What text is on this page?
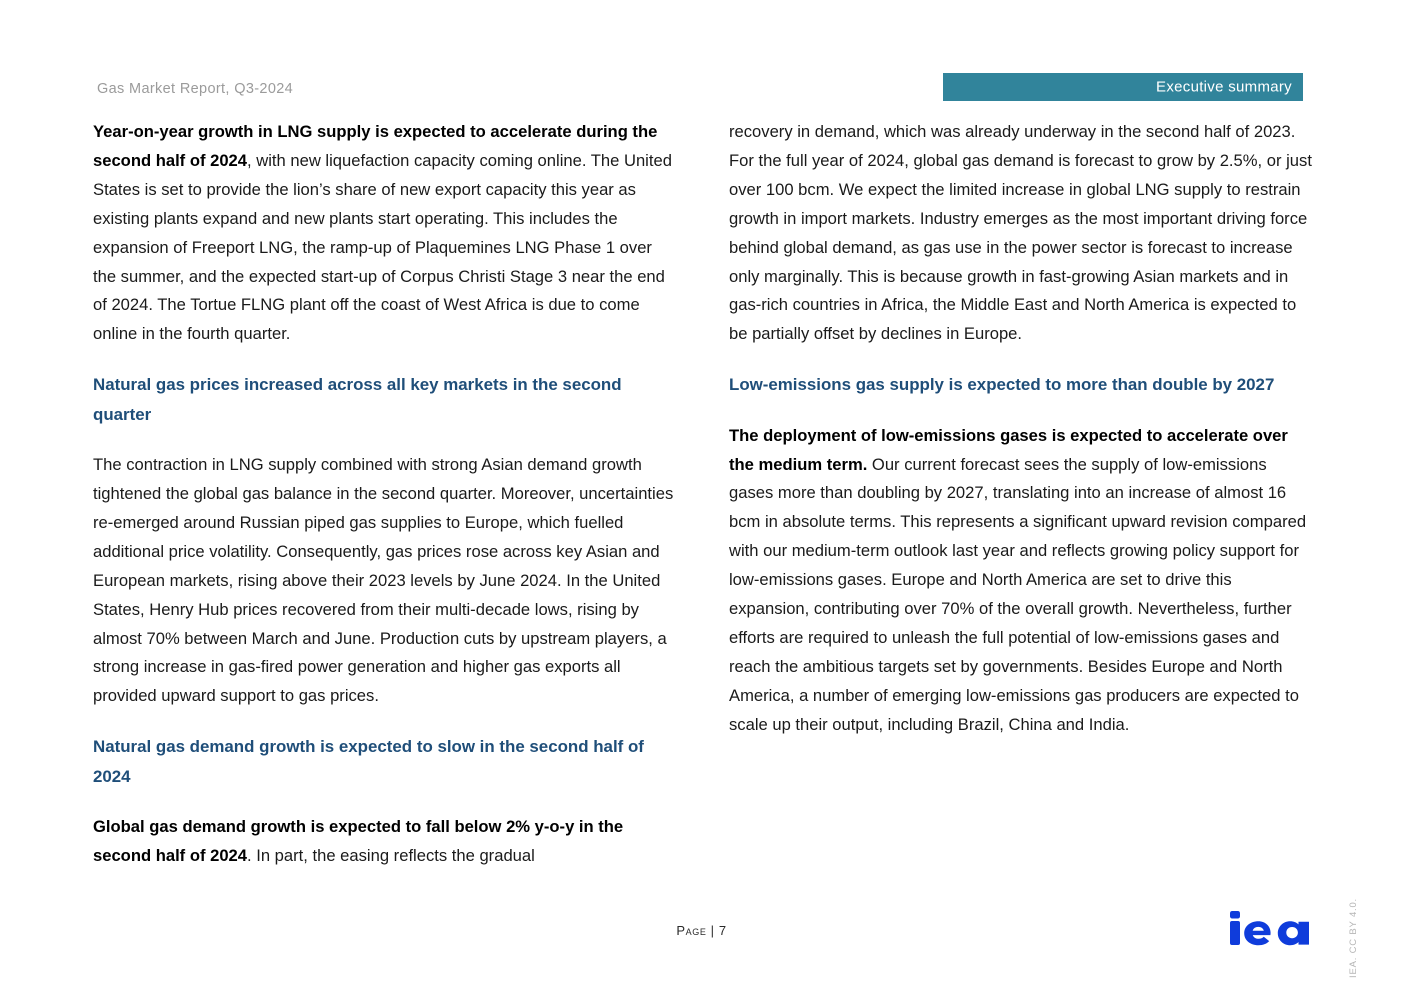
Gas Market Report, Q3-2024	Executive summary

Year-on-year growth in LNG supply is expected to accelerate during the second half of 2024, with new liquefaction capacity coming online. The United States is set to provide the lion’s share of new export capacity this year as existing plants expand and new plants start operating. This includes the expansion of Freeport LNG, the ramp-up of Plaquemines LNG Phase 1 over the summer, and the expected start-up of Corpus Christi Stage 3 near the end of 2024. The Tortue FLNG plant off the coast of West Africa is due to come online in the fourth quarter.

Natural gas prices increased across all key markets in the second quarter

The contraction in LNG supply combined with strong Asian demand growth tightened the global gas balance in the second quarter. Moreover, uncertainties re-emerged around Russian piped gas supplies to Europe, which fuelled additional price volatility. Consequently, gas prices rose across key Asian and European markets, rising above their 2023 levels by June 2024. In the United States, Henry Hub prices recovered from their multi-decade lows, rising by almost 70% between March and June. Production cuts by upstream players, a strong increase in gas-fired power generation and higher gas exports all provided upward support to gas prices.

Natural gas demand growth is expected to slow in the second half of 2024

Global gas demand growth is expected to fall below 2% y-o-y in the second half of 2024. In part, the easing reflects the gradual

recovery in demand, which was already underway in the second half of 2023. For the full year of 2024, global gas demand is forecast to grow by 2.5%, or just over 100 bcm. We expect the limited increase in global LNG supply to restrain growth in import markets. Industry emerges as the most important driving force behind global demand, as gas use in the power sector is forecast to increase only marginally. This is because growth in fast-growing Asian markets and in gas-rich countries in Africa, the Middle East and North America is expected to be partially offset by declines in Europe.

Low-emissions gas supply is expected to more than double by 2027

The deployment of low-emissions gases is expected to accelerate over the medium term. Our current forecast sees the supply of low-emissions gases more than doubling by 2027, translating into an increase of almost 16 bcm in absolute terms. This represents a significant upward revision compared with our medium-term outlook last year and reflects growing policy support for low-emissions gases. Europe and North America are set to drive this expansion, contributing over 70% of the overall growth. Nevertheless, further efforts are required to unleash the full potential of low-emissions gases and reach the ambitious targets set by governments. Besides Europe and North America, a number of emerging low-emissions gas producers are expected to scale up their output, including Brazil, China and India.

Page | 7	IEA. CC BY 4.0.
